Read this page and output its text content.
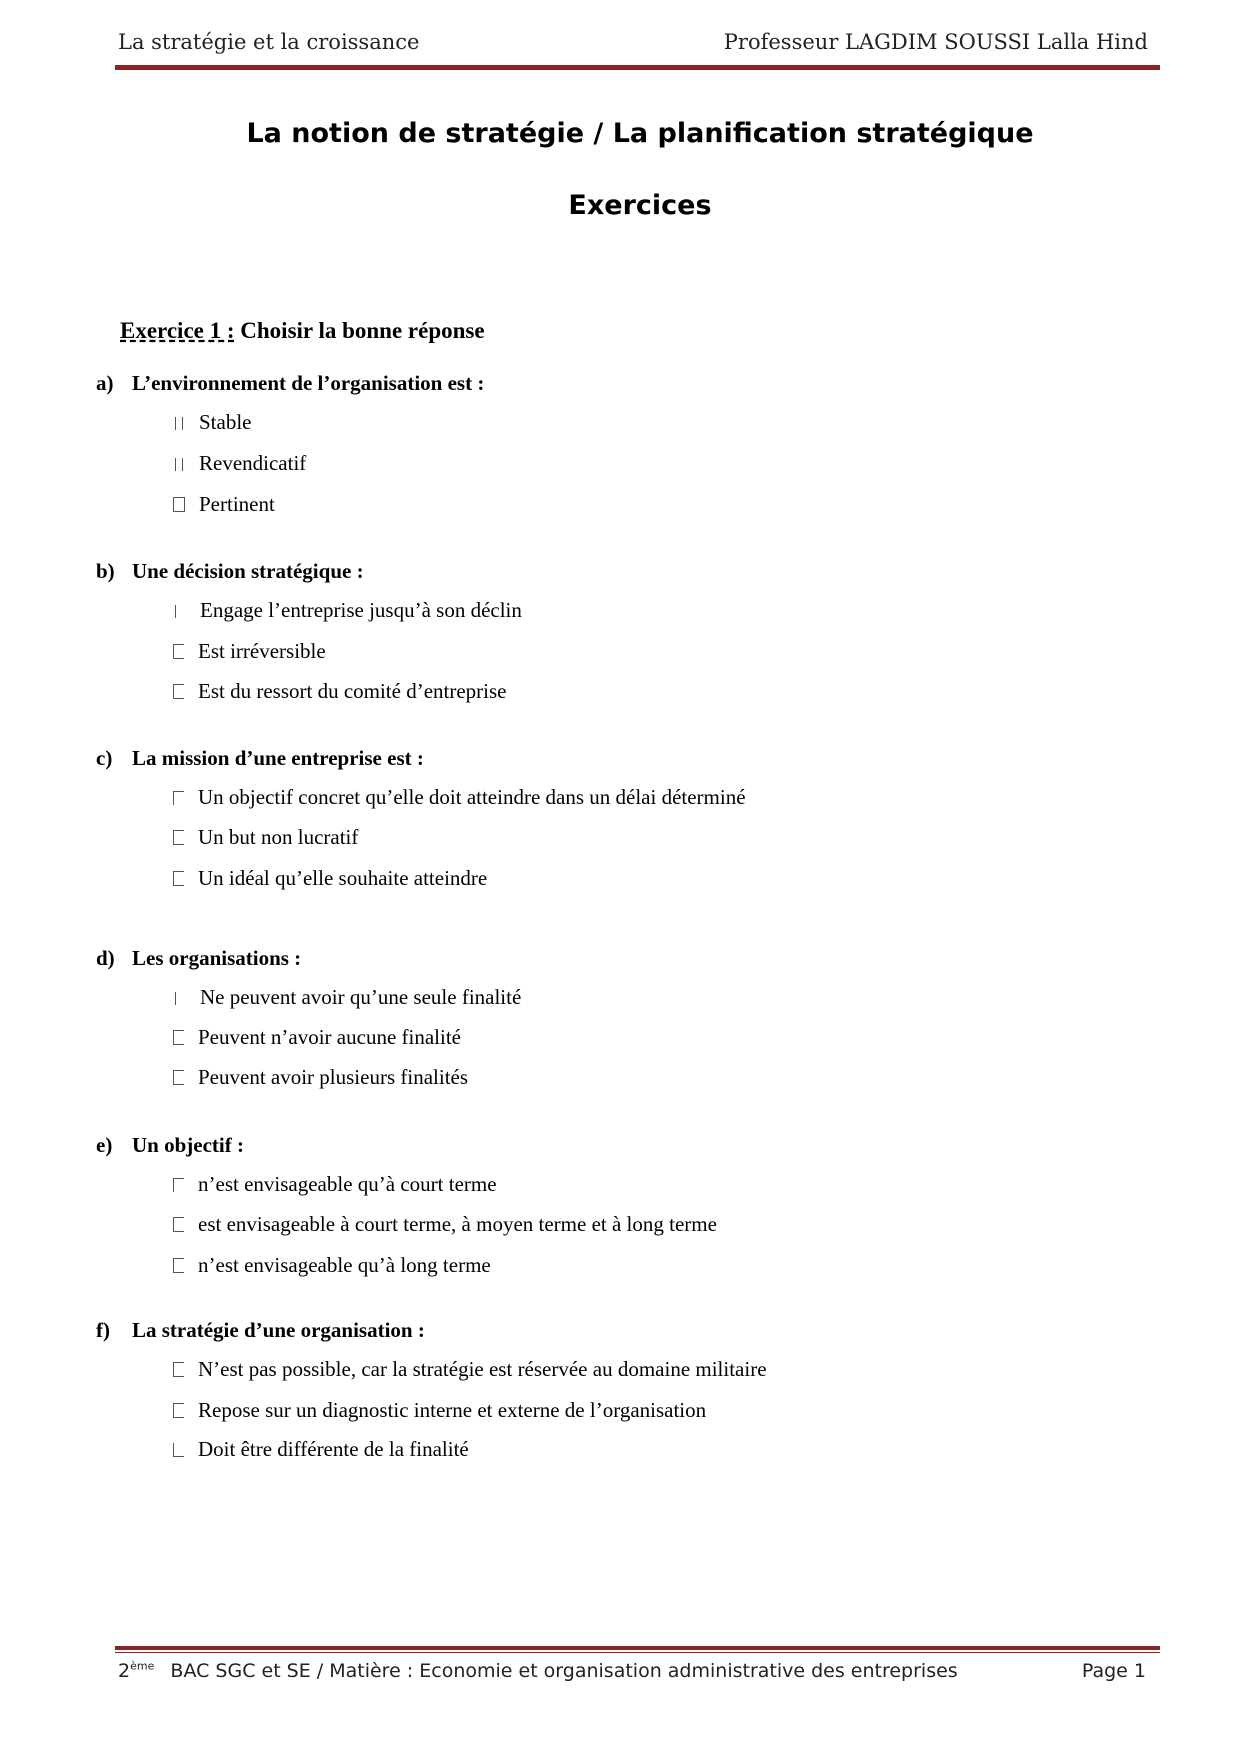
La stratégie et la croissance	Professeur LAGDIM SOUSSI Lalla Hind
La notion de stratégie / La planification stratégique
Exercices
Exercice 1 : Choisir la bonne réponse
a) L’environnement de l’organisation est :
Stable
Revendicatif
Pertinent
b) Une décision stratégique :
Engage l’entreprise jusqu’à son déclin
Est irréversible
Est du ressort du comité d’entreprise
c) La mission d’une entreprise est :
Un objectif concret qu’elle doit atteindre dans un délai déterminé
Un but non lucratif
Un idéal qu’elle souhaite atteindre
d) Les organisations :
Ne peuvent avoir qu’une seule finalité
Peuvent n’avoir aucune finalité
Peuvent avoir plusieurs finalités
e) Un objectif :
n’est envisageable qu’à court terme
est envisageable à court terme, à moyen terme et à long terme
n’est envisageable qu’à long terme
f) La stratégie d’une organisation :
N’est pas possible, car la stratégie est réservée au domaine militaire
Repose sur un diagnostic interne et externe de l’organisation
Doit être différente de la finalité
2ème BAC SGC et SE / Matière : Economie et organisation administrative des entreprises	Page 1
